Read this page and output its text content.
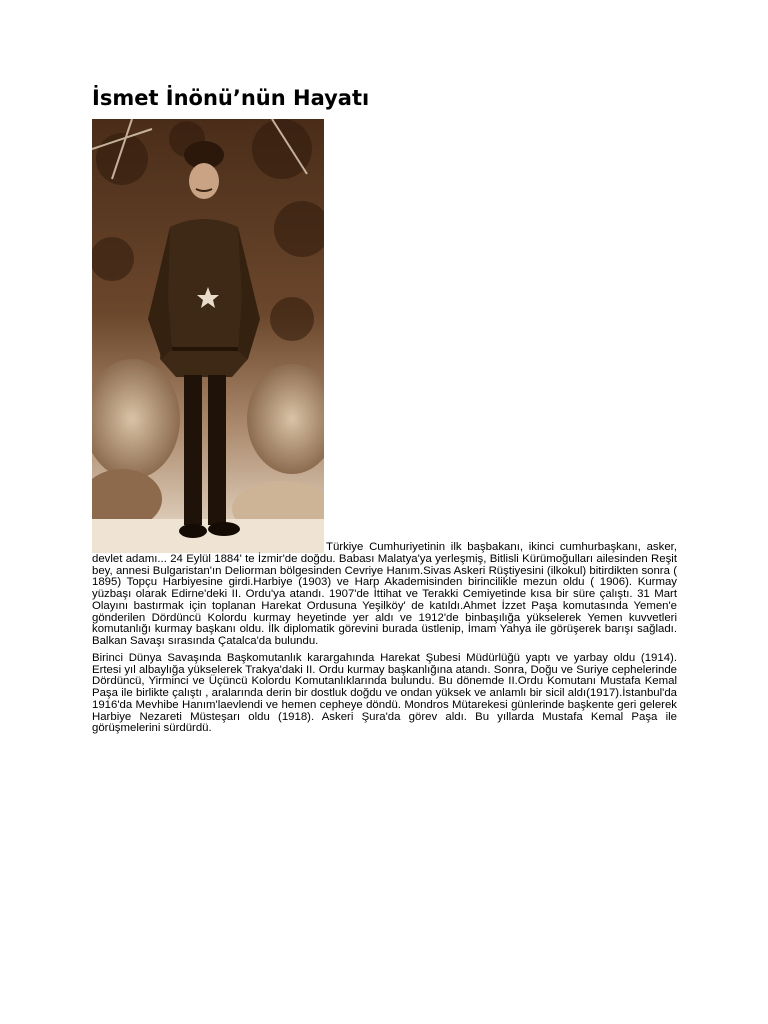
İsmet İnönü’nün Hayatı

Türkiye Cumhuriyetinin ilk başbakanı, ikinci cumhurbaşkanı, asker, devlet adamı... 24 Eylül 1884' te İzmir'de doğdu. Babası Malatya'ya yerleşmiş, Bitlisli Kürümoğulları ailesinden Reşit bey, annesi Bulgaristan'ın Deliorman bölgesinden Cevriye Hanım.Sivas Askeri Rüştiyesini (ilkokul) bitirdikten sonra ( 1895) Topçu Harbiyesine girdi.Harbiye (1903) ve Harp Akademisinden birincilikle mezun oldu ( 1906). Kurmay yüzbaşı olarak Edirne'deki II. Ordu'ya atandı. 1907'de İttihat ve Terakki Cemiyetinde kısa bir süre çalıştı. 31 Mart Olayını bastırmak için toplanan Harekat Ordusuna Yeşilköy' de katıldı.Ahmet İzzet Paşa komutasında Yemen'e gönderilen Dördüncü Kolordu kurmay heyetinde yer aldı ve 1912'de binbaşılığa yükselerek Yemen kuvvetleri komutanlığı kurmay başkanı oldu. İlk diplomatik görevini burada üstlenip, İmam Yahya ile görüşerek barışı sağladı. Balkan Savaşı sırasında Çatalca'da bulundu.

Birinci Dünya Savaşında Başkomutanlık karargahında Harekat Şubesi Müdürlüğü yaptı ve yarbay oldu (1914). Ertesi yıl albaylığa yükselerek Trakya'daki II. Ordu kurmay başkanlığına atandı. Sonra, Doğu ve Suriye cephelerinde Dördüncü, Yirminci ve Üçüncü Kolordu Komutanlıklarında bulundu. Bu dönemde II.Ordu Komutanı Mustafa Kemal Paşa ile birlikte çalıştı , aralarında derin bir dostluk doğdu ve ondan yüksek ve anlamlı bir sicil aldı(1917).İstanbul'da 1916'da Mevhibe Hanım'laevlendi ve hemen cepheye döndü. Mondros Mütarekesi günlerinde başkente geri gelerek Harbiye Nezareti Müsteşarı oldu (1918). Askeri Şura'da görev aldı. Bu yıllarda Mustafa Kemal Paşa ile görüşmelerini sürdürdü.
